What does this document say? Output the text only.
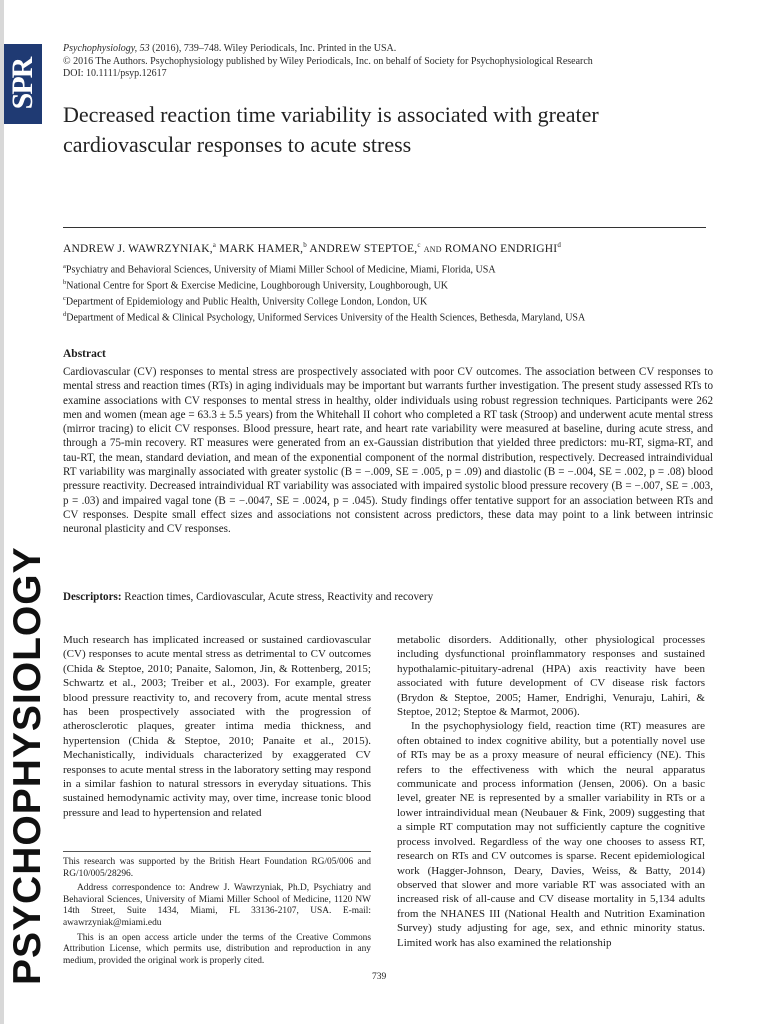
SPR
PSYCHOPHYSIOLOGY
Psychophysiology, 53 (2016), 739–748. Wiley Periodicals, Inc. Printed in the USA.
© 2016 The Authors. Psychophysiology published by Wiley Periodicals, Inc. on behalf of Society for Psychophysiological Research
DOI: 10.1111/psyp.12617
Decreased reaction time variability is associated with greater cardiovascular responses to acute stress
ANDREW J. WAWRZYNIAK,$^a$ MARK HAMER,$^b$ ANDREW STEPTOE,$^c$ and ROMANO ENDRIGHI$^d$
$^a$Psychiatry and Behavioral Sciences, University of Miami Miller School of Medicine, Miami, Florida, USA
$^b$National Centre for Sport & Exercise Medicine, Loughborough University, Loughborough, UK
$^c$Department of Epidemiology and Public Health, University College London, London, UK
$^d$Department of Medical & Clinical Psychology, Uniformed Services University of the Health Sciences, Bethesda, Maryland, USA
Abstract

Cardiovascular (CV) responses to mental stress are prospectively associated with poor CV outcomes. The association between CV responses to mental stress and reaction times (RTs) in aging individuals may be important but warrants further investigation. The present study assessed RTs to examine associations with CV responses to mental stress in healthy, older individuals using robust regression techniques. Participants were 262 men and women (mean age = 63.3 ± 5.5 years) from the Whitehall II cohort who completed a RT task (Stroop) and underwent acute mental stress (mirror tracing) to elicit CV responses. Blood pressure, heart rate, and heart rate variability were measured at baseline, during acute stress, and through a 75-min recovery. RT measures were generated from an ex-Gaussian distribution that yielded three predictors: mu-RT, sigma-RT, and tau-RT, the mean, standard deviation, and mean of the exponential component of the normal distribution, respectively. Decreased intraindividual RT variability was marginally associated with greater systolic (B = −.009, SE = .005, p = .09) and diastolic (B = −.004, SE = .002, p = .08) blood pressure reactivity. Decreased intraindividual RT variability was associated with impaired systolic blood pressure recovery (B = −.007, SE = .003, p = .03) and impaired vagal tone (B = −.0047, SE = .0024, p = .045). Study findings offer tentative support for an association between RTs and CV responses. Despite small effect sizes and associations not consistent across predictors, these data may point to a link between intrinsic neuronal plasticity and CV responses.

Descriptors: Reaction times, Cardiovascular, Acute stress, Reactivity and recovery

Much research has implicated increased or sustained cardiovascular (CV) responses to acute mental stress as detrimental to CV outcomes (Chida & Steptoe, 2010; Panaite, Salomon, Jin, & Rottenberg, 2015; Schwartz et al., 2003; Treiber et al., 2003). For example, greater blood pressure reactivity to, and recovery from, acute mental stress has been prospectively associated with the progression of atherosclerotic plaques, greater intima media thickness, and hypertension (Chida & Steptoe, 2010; Panaite et al., 2015). Mechanistically, individuals characterized by exaggerated CV responses to acute mental stress in the laboratory setting may respond in a similar fashion to natural stressors in everyday situations. This sustained hemodynamic activity may, over time, increase tonic blood pressure and lead to hypertension and related

metabolic disorders. Additionally, other physiological processes including dysfunctional proinflammatory responses and sustained hypothalamic-pituitary-adrenal (HPA) axis reactivity have been associated with future development of CV disease risk factors (Brydon & Steptoe, 2005; Hamer, Endrighi, Venuraju, Lahiri, & Steptoe, 2012; Steptoe & Marmot, 2006).

In the psychophysiology field, reaction time (RT) measures are often obtained to index cognitive ability, but a potentially novel use of RTs may be as a proxy measure of neural efficiency (NE). This refers to the effectiveness with which the neural apparatus communicate and process information (Jensen, 2006). On a basic level, greater NE is represented by a smaller variability in RTs or a lower intraindividual mean (Neubauer & Fink, 2009) suggesting that a simple RT computation may not sufficiently capture the cognitive process involved. Regardless of the way one chooses to assess RT, research on RTs and CV outcomes is sparse. Recent epidemiological work (Hagger-Johnson, Deary, Davies, Weiss, & Batty, 2014) observed that slower and more variable RT was associated with an increased risk of all-cause and CV disease mortality in 5,134 adults from the NHANES III (National Health and Nutrition Examination Survey) study adjusting for age, sex, and ethnic minority status. Limited work has also examined the relationship

This research was supported by the British Heart Foundation RG/05/006 and RG/10/005/28296.

Address correspondence to: Andrew J. Wawrzyniak, Ph.D, Psychiatry and Behavioral Sciences, University of Miami Miller School of Medicine, 1120 NW 14th Street, Suite 1434, Miami, FL 33136-2107, USA. E-mail: awawrzyniak@miami.edu

This is an open access article under the terms of the Creative Commons Attribution License, which permits use, distribution and reproduction in any medium, provided the original work is properly cited.

739
